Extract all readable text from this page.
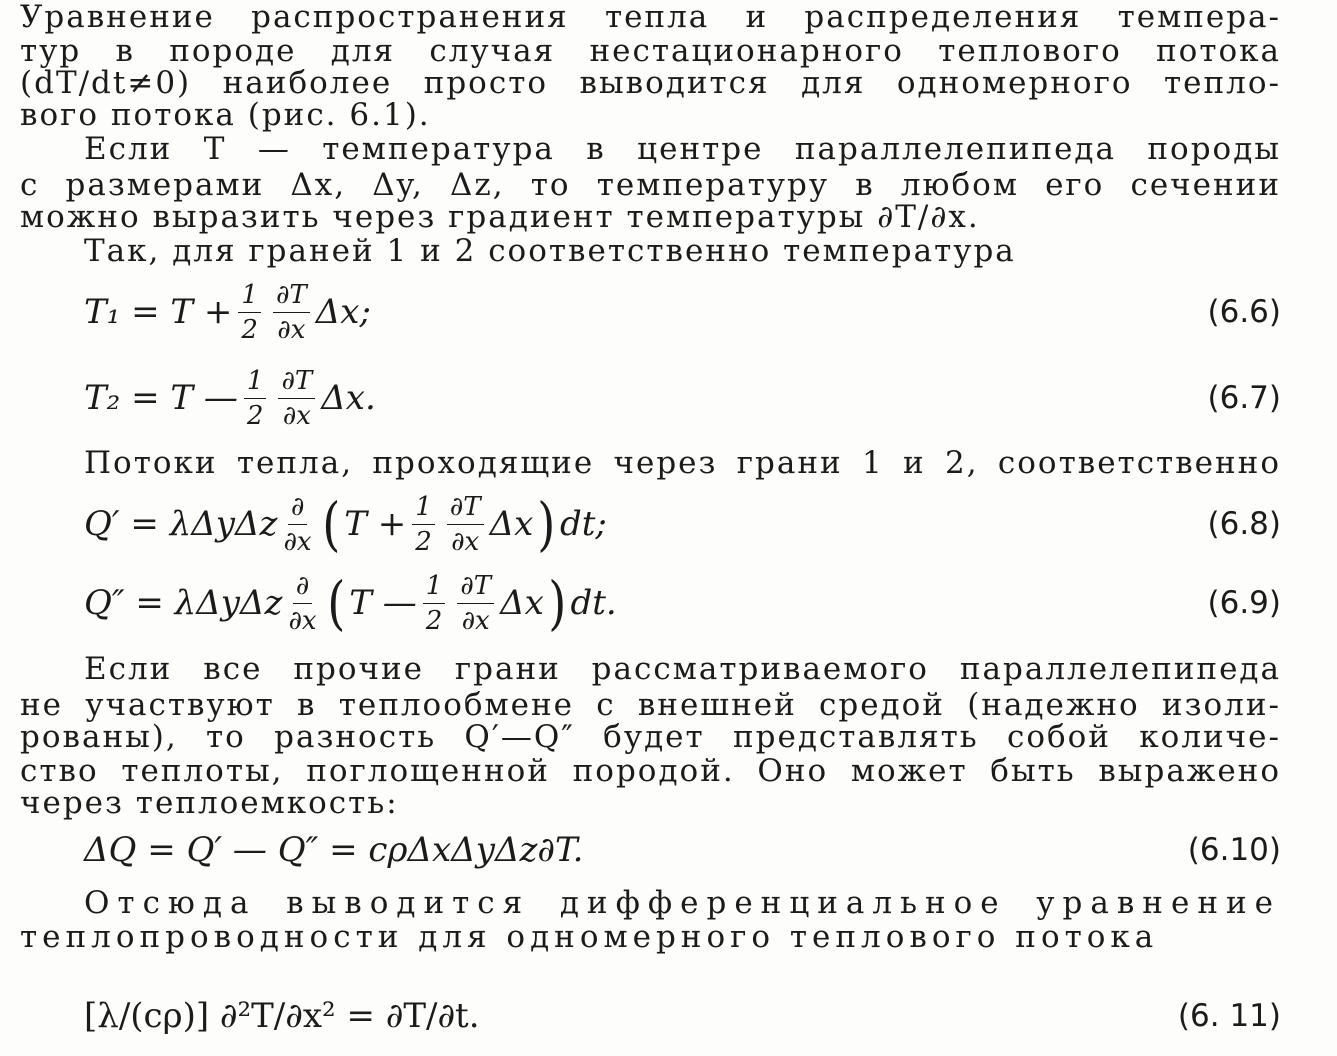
Уравнение распространения тепла и распределения темпера-
тур в породе для случая нестационарного теплового потока
(dT/dt≠0) наиболее просто выводится для одномерного тепло-
вого потока (рис. 6.1).
Если T — температура в центре параллелепипеда породы
с размерами Δx, Δy, Δz, то температуру в любом его сечении
можно выразить через градиент температуры ∂T/∂x.
Так, для граней 1 и 2 соответственно температура
$T_1 = T + \frac{1}{2} \frac{\partial T}{\partial x} \Delta x$;	(6.6)
T₂ = T — $\frac{1}{2} \frac{\partial T}{\partial x} \Delta x$.	(6.7)
Потоки тепла, проходящие через грани 1 и 2, соответственно
Q′ = λΔyΔz $\frac{\partial}{\partial x}$ ( $T + \frac{1}{2} \frac{\partial T}{\partial x}$ Δx ) dt;	(6.8)
Q″ = λΔyΔz $\frac{\partial}{\partial x}$ ( T — $\frac{1}{2} \frac{\partial T}{\partial x}$ Δx ) dt.	(6.9)
Если все прочие грани рассматриваемого параллелепипеда
не участвуют в теплообмене с внешней средой (надежно изоли-
рованы), то разность Q′—Q″ будет представлять собой количе-
ство теплоты, поглощенной породой. Оно может быть выражено
через теплоемкость:
ΔQ = Q′ — Q″ = cρΔxΔyΔz∂T.	(6.10)
Отсюда выводится дифференциальное уравнение
теплопроводности для одномерного теплового потока
[λ/(cρ)] ∂²T/∂x² = ∂T/∂t.	(6. 11)
